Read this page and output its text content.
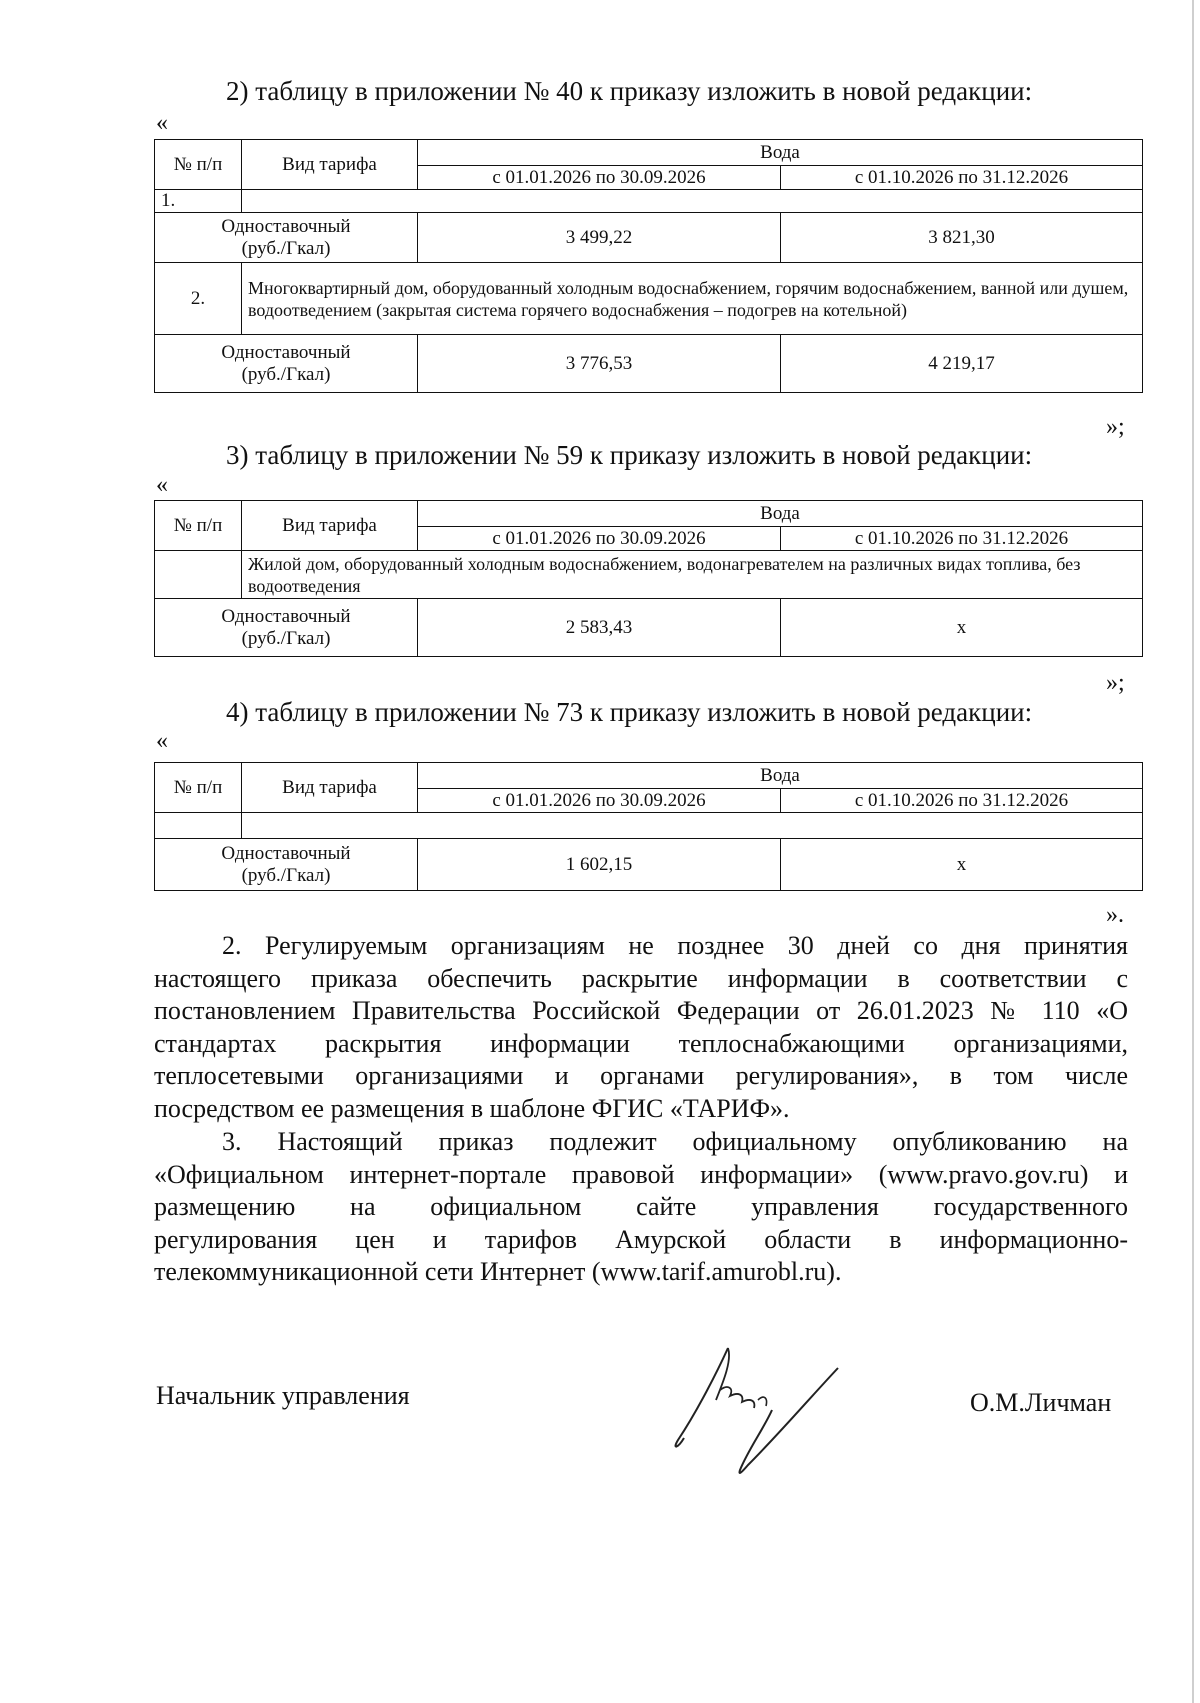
2) таблицу в приложении № 40 к приказу изложить в новой редакции:
«
№ п/п	Вид тарифа	Вода	
		с 01.01.2026 по 30.09.2026	с 01.10.2026 по 31.12.2026
1.			
Одноставочный
(руб./Гкал)		3 499,22	3 821,30
2.	Многоквартирный дом, оборудованный холодным водоснабжением, горячим водоснабжением, ванной или душем, водоотведением (закрытая система горячего водоснабжения – подогрев на котельной)		
Одноставочный
(руб./Гкал)		3 776,53	4 219,17
»;
3) таблицу в приложении № 59 к приказу изложить в новой редакции:
«
№ п/п	Вид тарифа	Вода	
		с 01.01.2026 по 30.09.2026	с 01.10.2026 по 31.12.2026
	Жилой дом, оборудованный холодным водоснабжением, водонагревателем на различных видах топлива, без водоотведения		
Одноставочный
(руб./Гкал)		2 583,43	х
»;
4) таблицу в приложении № 73 к приказу изложить в новой редакции:
«
№ п/п	Вид тарифа	Вода	
		с 01.01.2026 по 30.09.2026	с 01.10.2026 по 31.12.2026

Одноставочный
(руб./Гкал)		1 602,15	х
».
2. Регулируемым организациям не позднее 30 дней со дня принятия
настоящего приказа обеспечить раскрытие информации в соответствии с
постановлением Правительства Российской Федерации от 26.01.2023 № 110 «О
стандартах раскрытия информации теплоснабжающими организациями,
теплосетевыми организациями и органами регулирования», в том числе
посредством ее размещения в шаблоне ФГИС «ТАРИФ».
3. Настоящий приказ подлежит официальному опубликованию на
«Официальном интернет-портале правовой информации» (www.pravo.gov.ru) и
размещению на официальном сайте управления государственного
регулирования цен и тарифов Амурской области в информационно-
телекоммуникационной сети Интернет (www.tarif.amurobl.ru).
Начальник управления	О.М.Личман
